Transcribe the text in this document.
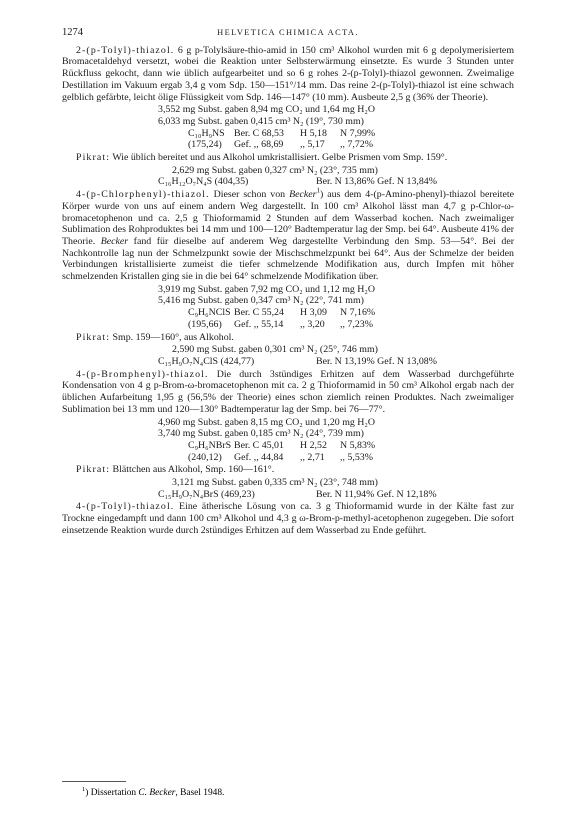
1274	HELVETICA CHIMICA ACTA.

2-(p-Tolyl)-thiazol. 6 g p-Tolylsäure-thio-amid in 150 cm³ Alkohol wurden mit 6 g depolymerisiertem Bromacetaldehyd versetzt, wobei die Reaktion unter Selbsterwärmung einsetzte. Es wurde 3 Stunden unter Rückfluss gekocht, dann wie üblich aufgearbeitet und so 6 g rohes 2-(p-Tolyl)-thiazol gewonnen. Zweimalige Destillation im Vakuum ergab 3,4 g vom Sdp. 150—151°/14 mm. Das reine 2-(p-Tolyl)-thiazol ist eine schwach gelblich gefärbte, leicht ölige Flüssigkeit vom Sdp. 146—147° (10 mm). Ausbeute 2,5 g (36% der Theorie).

3,552 mg Subst. gaben 8,94 mg CO₂ und 1,64 mg H₂O
6,033 mg Subst. gaben 0,415 cm³ N₂ (19°, 730 mm)
C₁₀H₉NS Ber. C 68,53 H 5,18 N 7,99%
(175,24) Gef. ,, 68,69 ,, 5,17 ,, 7,72%

Pikrat: Wie üblich bereitet und aus Alkohol umkristallisiert. Gelbe Prismen vom Smp. 159°.

2,629 mg Subst. gaben 0,327 cm³ N₂ (23°, 735 mm)
C₁₆H₁₂O₇N₄S (404,35)	Ber. N 13,86% Gef. N 13,84%

4-(p-Chlorphenyl)-thiazol. Dieser schon von Becker$^1$) aus dem 4-(p-Amino-phenyl)-thiazol bereitete Körper wurde von uns auf einem andern Weg dargestellt. In 100 cm³ Alkohol lässt man 4,7 g p-Chlor-ω-bromacetophenon und ca. 2,5 g Thioformamid 2 Stunden auf dem Wasserbad kochen. Nach zweimaliger Sublimation des Rohproduktes bei 14 mm und 100—120° Badtemperatur lag der Smp. bei 64°. Ausbeute 41% der Theorie. Becker fand für dieselbe auf anderem Weg dargestellte Verbindung den Smp. 53—54°. Bei der Nachkontrolle lag nun der Schmelzpunkt sowie der Mischschmelzpunkt bei 64°. Aus der Schmelze der beiden Verbindungen kristallisierte zumeist die tiefer schmelzende Modifikation aus, durch Impfen mit höher schmelzenden Kristallen ging sie in die bei 64° schmelzende Modifikation über.

3,919 mg Subst. gaben 7,92 mg CO₂ und 1,12 mg H₂O
5,416 mg Subst. gaben 0,347 cm³ N₂ (22°, 741 mm)
C₉H₆NClS Ber. C 55,24 H 3,09 N 7,16%
(195,66) Gef. ,, 55,14 ,, 3,20 ,, 7,23%

Pikrat: Smp. 159—160°, aus Alkohol.

2,590 mg Subst. gaben 0,301 cm³ N₂ (25°, 746 mm)
C₁₅H₉O₇N₄ClS (424,77)	Ber. N 13,19% Gef. N 13,08%

4-(p-Bromphenyl)-thiazol. Die durch 3stündiges Erhitzen auf dem Wasserbad durchgeführte Kondensation von 4 g p-Brom-ω-bromacetophenon mit ca. 2 g Thioformamid in 50 cm³ Alkohol ergab nach der üblichen Aufarbeitung 1,95 g (56,5% der Theorie) eines schon ziemlich reinen Produktes. Nach zweimaliger Sublimation bei 13 mm und 120—130° Badtemperatur lag der Smp. bei 76—77°.

4,960 mg Subst. gaben 8,15 mg CO₂ und 1,20 mg H₂O
3,740 mg Subst. gaben 0,185 cm³ N₂ (24°, 739 mm)
C₉H₆NBrS Ber. C 45,01 H 2,52 N 5,83%
(240,12) Gef. ,, 44,84 ,, 2,71 ,, 5,53%

Pikrat: Blättchen aus Alkohol, Smp. 160—161°.

3,121 mg Subst. gaben 0,335 cm³ N₂ (23°, 748 mm)
C₁₅H₉O₇N₄BrS (469,23)	Ber. N 11,94% Gef. N 12,18%

4-(p-Tolyl)-thiazol. Eine ätherische Lösung von ca. 3 g Thioformamid wurde in der Kälte fast zur Trockne eingedampft und dann 100 cm³ Alkohol und 4,3 g ω-Brom-p-methyl-acetophenon zugegeben. Die sofort einsetzende Reaktion wurde durch 2stündiges Erhitzen auf dem Wasserbad zu Ende geführt.

$^1$) Dissertation C. Becker, Basel 1948.
